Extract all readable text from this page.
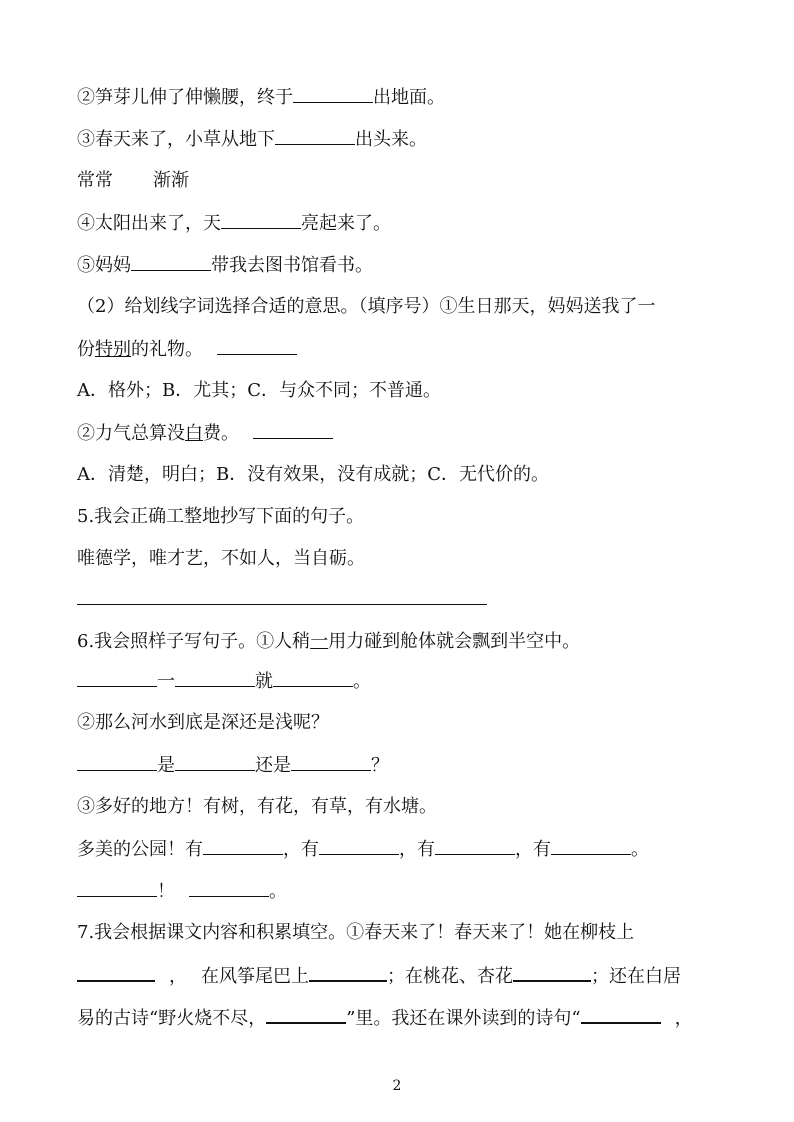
②笋芽儿伸了伸懒腰，终于	出地面。
③春天来了，小草从地下	出头来。
常常 渐渐
④太阳出来了，天	亮起来了。
⑤妈妈	带我去图书馆看书。
（2）给划线字词选择合适的意思。（填序号）①生日那天，妈妈送我了一
份特别的礼物。
A．格外；B．尤其；C．与众不同；不普通。
②力气总算没白费。
A．清楚，明白；B．没有效果，没有成就；C．无代价的。
5.我会正确工整地抄写下面的句子。
唯德学，唯才艺，不如人，当自砺。
6.我会照样子写句子。①人稍一用力碰到舱体就会飘到半空中。
一	就	。
②那么河水到底是深还是浅呢？
是	还是	？
③多好的地方！有树，有花，有草，有水塘。
多美的公园！有	，有	，有	，有	。
！	。
7.我会根据课文内容和积累填空。①春天来了！春天来了！她在柳枝上
， 在风筝尾巴上	；在桃花、杏花	；还在白居
易的古诗“野火烧不尽，	”里。我还在课外读到的诗句“	，
2
